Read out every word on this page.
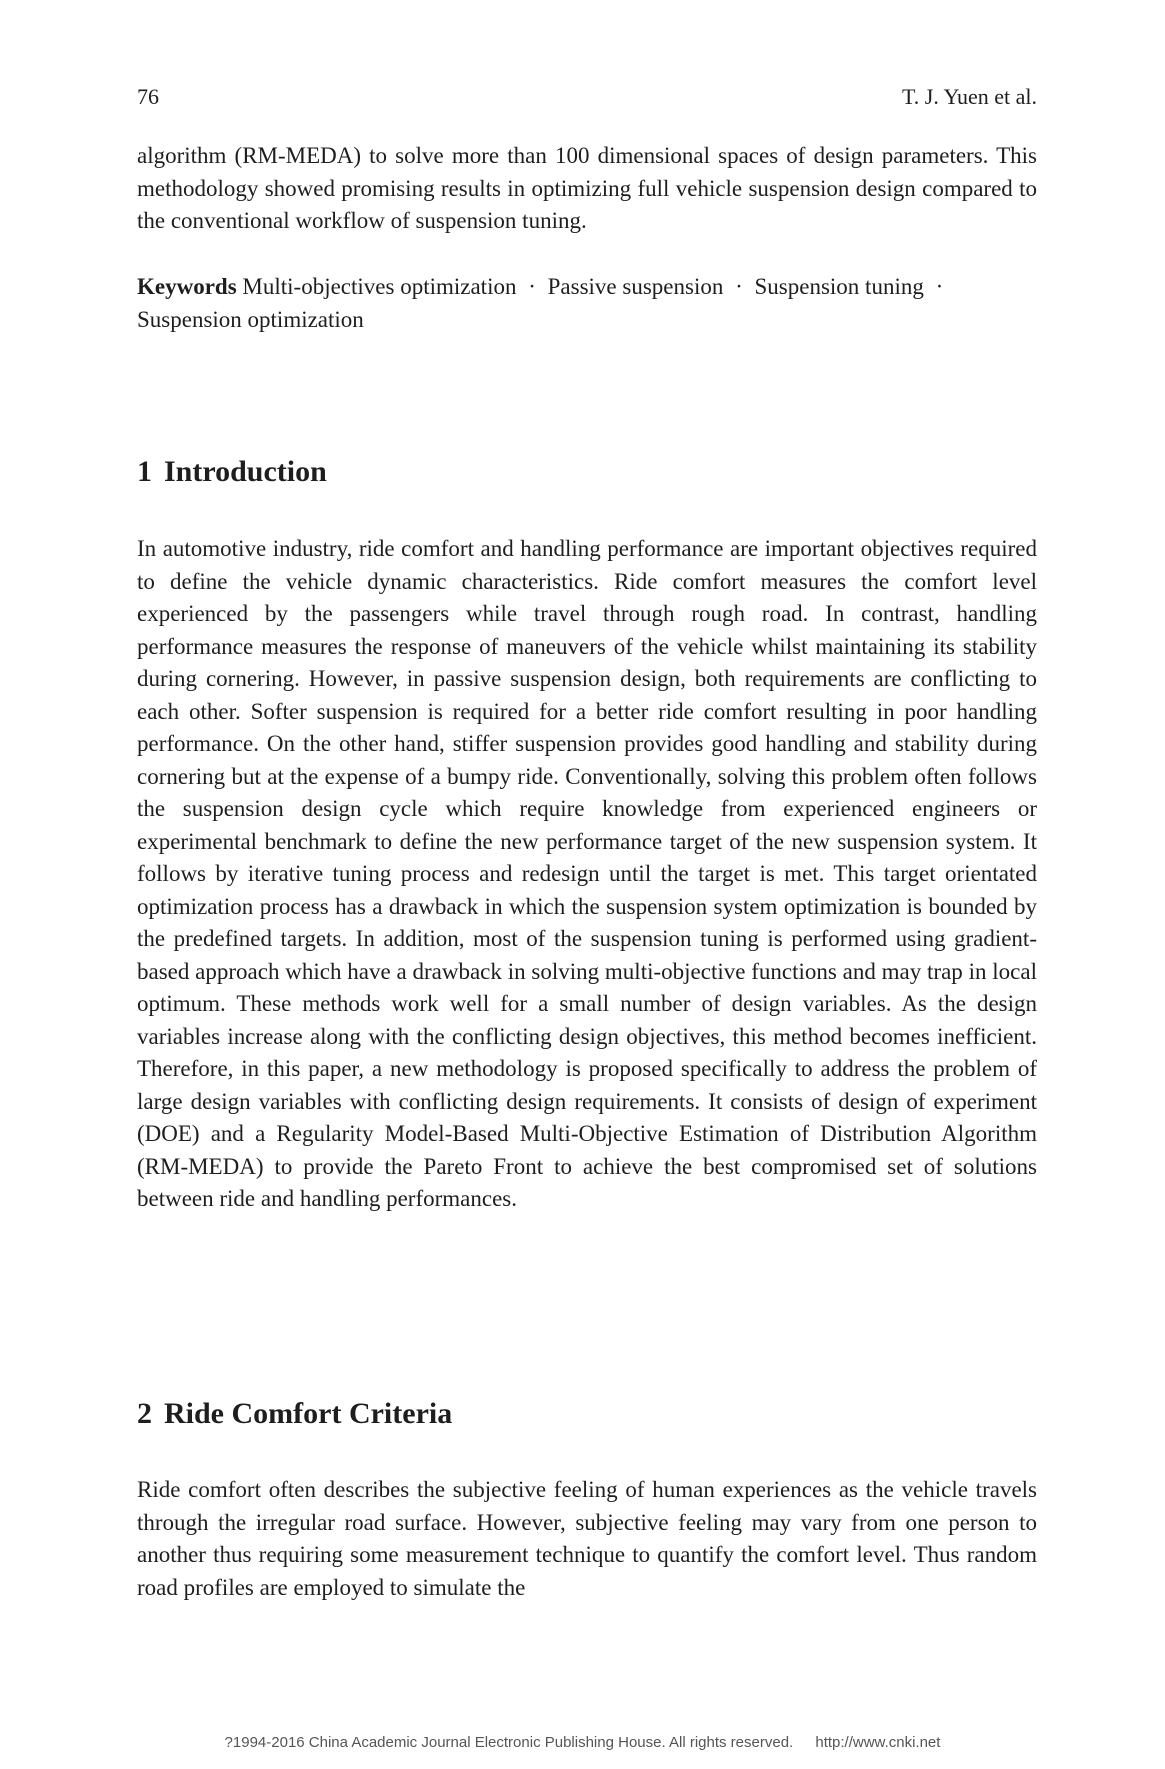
76	T. J. Yuen et al.

algorithm (RM-MEDA) to solve more than 100 dimensional spaces of design parameters. This methodology showed promising results in optimizing full vehicle suspension design compared to the conventional workflow of suspension tuning.

Keywords Multi-objectives optimization · Passive suspension · Suspension tuning · Suspension optimization

1 Introduction

In automotive industry, ride comfort and handling performance are important objectives required to define the vehicle dynamic characteristics. Ride comfort measures the comfort level experienced by the passengers while travel through rough road. In contrast, handling performance measures the response of maneuvers of the vehicle whilst maintaining its stability during cornering. However, in passive suspension design, both requirements are conflicting to each other. Softer suspension is required for a better ride comfort resulting in poor handling performance. On the other hand, stiffer suspension provides good handling and stability during cornering but at the expense of a bumpy ride. Conventionally, solving this problem often follows the suspension design cycle which require knowledge from experienced engineers or experimental benchmark to define the new performance target of the new suspension system. It follows by iterative tuning process and redesign until the target is met. This target orientated optimization process has a drawback in which the suspension system optimization is bounded by the predefined targets. In addition, most of the suspension tuning is performed using gradient-based approach which have a drawback in solving multi-objective functions and may trap in local optimum. These methods work well for a small number of design variables. As the design variables increase along with the conflicting design objectives, this method becomes inefficient. Therefore, in this paper, a new methodology is proposed specifically to address the problem of large design variables with conflicting design requirements. It consists of design of experiment (DOE) and a Regularity Model-Based Multi-Objective Estimation of Distribution Algorithm (RM-MEDA) to provide the Pareto Front to achieve the best compromised set of solutions between ride and handling performances.

2 Ride Comfort Criteria

Ride comfort often describes the subjective feeling of human experiences as the vehicle travels through the irregular road surface. However, subjective feeling may vary from one person to another thus requiring some measurement technique to quantify the comfort level. Thus random road profiles are employed to simulate the

?1994-2016 China Academic Journal Electronic Publishing House. All rights reserved. http://www.cnki.net
